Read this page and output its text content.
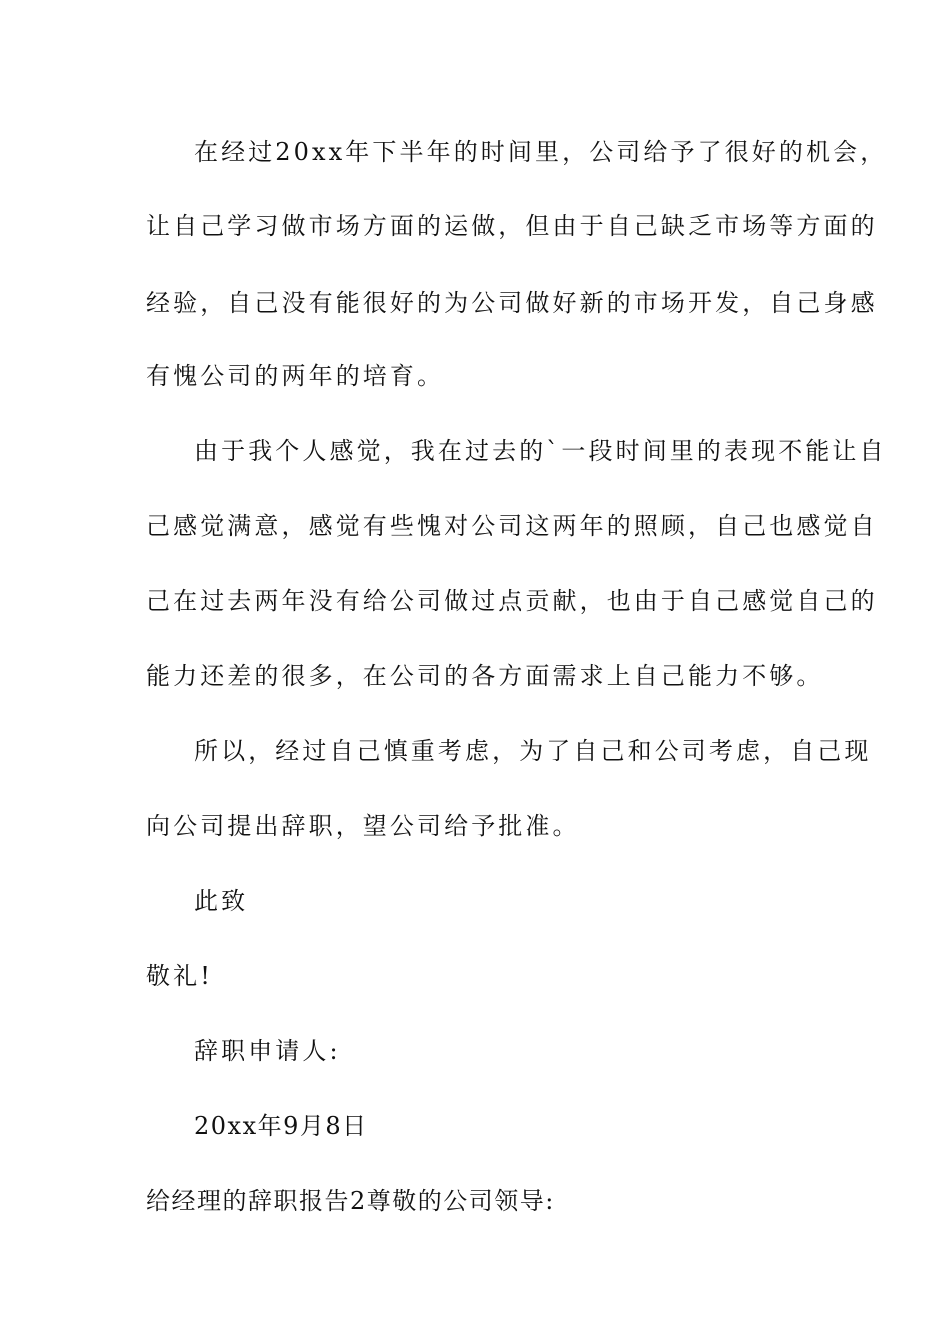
在经过20xx年下半年的时间里，公司给予了很好的机会，
让自己学习做市场方面的运做，但由于自己缺乏市场等方面的
经验，自己没有能很好的为公司做好新的市场开发，自己身感
有愧公司的两年的培育。
由于我个人感觉，我在过去的`一段时间里的表现不能让自
己感觉满意，感觉有些愧对公司这两年的照顾，自己也感觉自
己在过去两年没有给公司做过点贡献，也由于自己感觉自己的
能力还差的很多，在公司的各方面需求上自己能力不够。
所以，经过自己慎重考虑，为了自己和公司考虑，自己现
向公司提出辞职，望公司给予批准。
此致
敬礼!
辞职申请人:
20xx年9月8日
给经理的辞职报告2尊敬的公司领导:
